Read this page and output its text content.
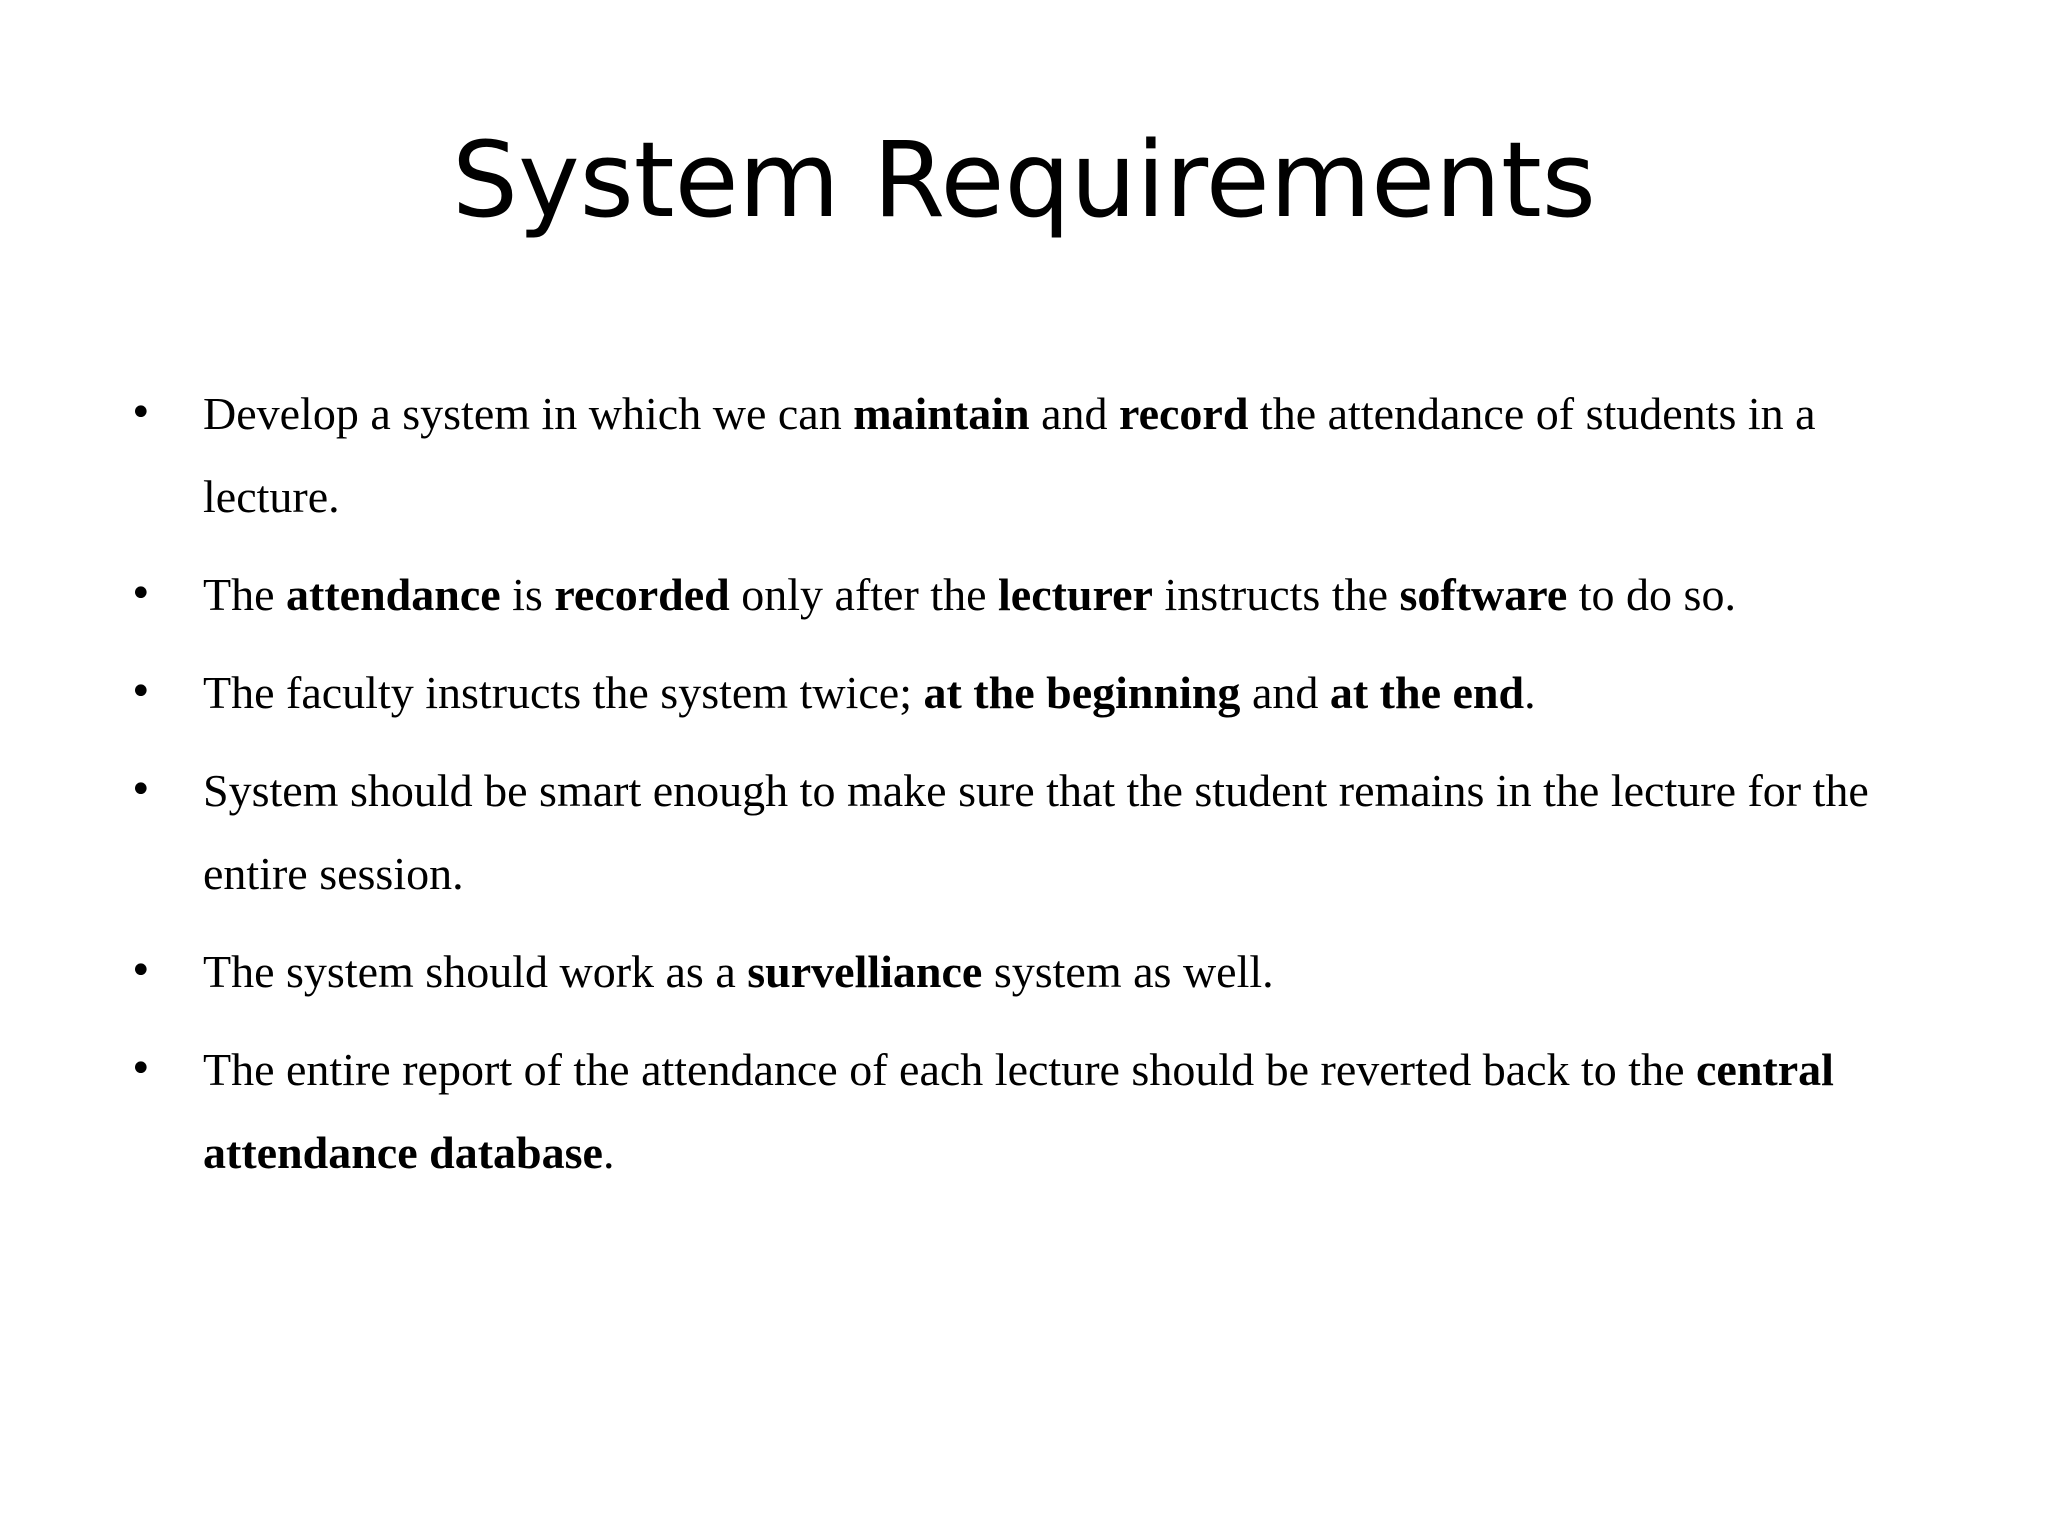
System Requirements
• Develop a system in which we can maintain and record the attendance of students in a lecture.
• The attendance is recorded only after the lecturer instructs the software to do so.
• The faculty instructs the system twice; at the beginning and at the end.
• System should be smart enough to make sure that the student remains in the lecture for the entire session.
• The system should work as a survelliance system as well.
• The entire report of the attendance of each lecture should be reverted back to the central attendance database.
